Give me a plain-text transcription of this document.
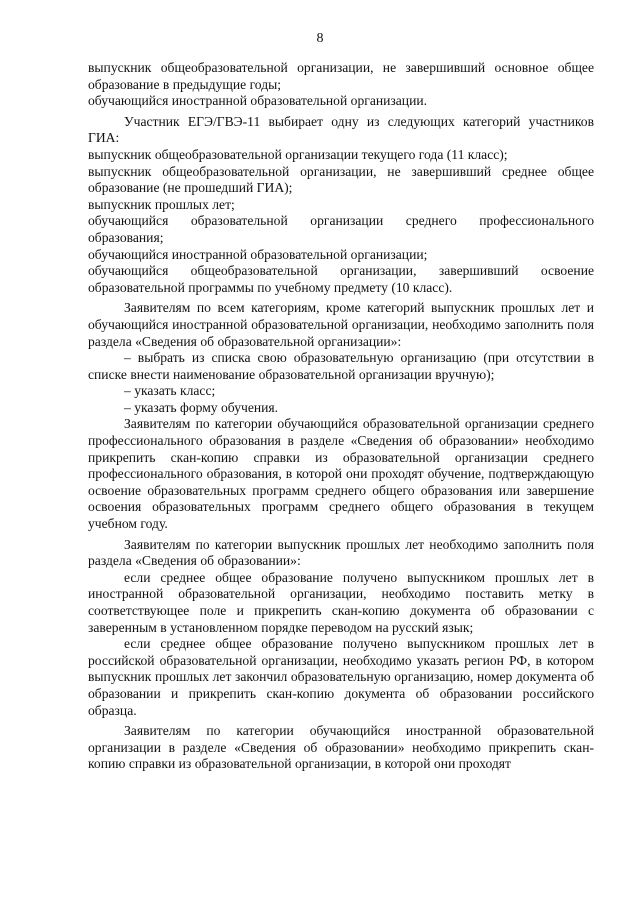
8

выпускник общеобразовательной организации, не завершивший основное общее образование в предыдущие годы;

обучающийся иностранной образовательной организации.

Участник ЕГЭ/ГВЭ-11 выбирает одну из следующих категорий участников ГИА:

выпускник общеобразовательной организации текущего года (11 класс);

выпускник общеобразовательной организации, не завершивший среднее общее образование (не прошедший ГИА);

выпускник прошлых лет;

обучающийся образовательной организации среднего профессионального образования;

обучающийся иностранной образовательной организации;

обучающийся общеобразовательной организации, завершивший освоение образовательной программы по учебному предмету (10 класс).

Заявителям по всем категориям, кроме категорий выпускник прошлых лет и обучающийся иностранной образовательной организации, необходимо заполнить поля раздела «Сведения об образовательной организации»:

– выбрать из списка свою образовательную организацию (при отсутствии в списке внести наименование образовательной организации вручную);

– указать класс;

– указать форму обучения.

Заявителям по категории обучающийся образовательной организации среднего профессионального образования в разделе «Сведения об образовании» необходимо прикрепить скан-копию справки из образовательной организации среднего профессионального образования, в которой они проходят обучение, подтверждающую освоение образовательных программ среднего общего образования или завершение освоения образовательных программ среднего общего образования в текущем учебном году.

Заявителям по категории выпускник прошлых лет необходимо заполнить поля раздела «Сведения об образовании»:

если среднее общее образование получено выпускником прошлых лет в иностранной образовательной организации, необходимо поставить метку в соответствующее поле и прикрепить скан-копию документа об образовании с заверенным в установленном порядке переводом на русский язык;

если среднее общее образование получено выпускником прошлых лет в российской образовательной организации, необходимо указать регион РФ, в котором выпускник прошлых лет закончил образовательную организацию, номер документа об образовании и прикрепить скан-копию документа об образовании российского образца.

Заявителям по категории обучающийся иностранной образовательной организации в разделе «Сведения об образовании» необходимо прикрепить скан-копию справки из образовательной организации, в которой они проходят
